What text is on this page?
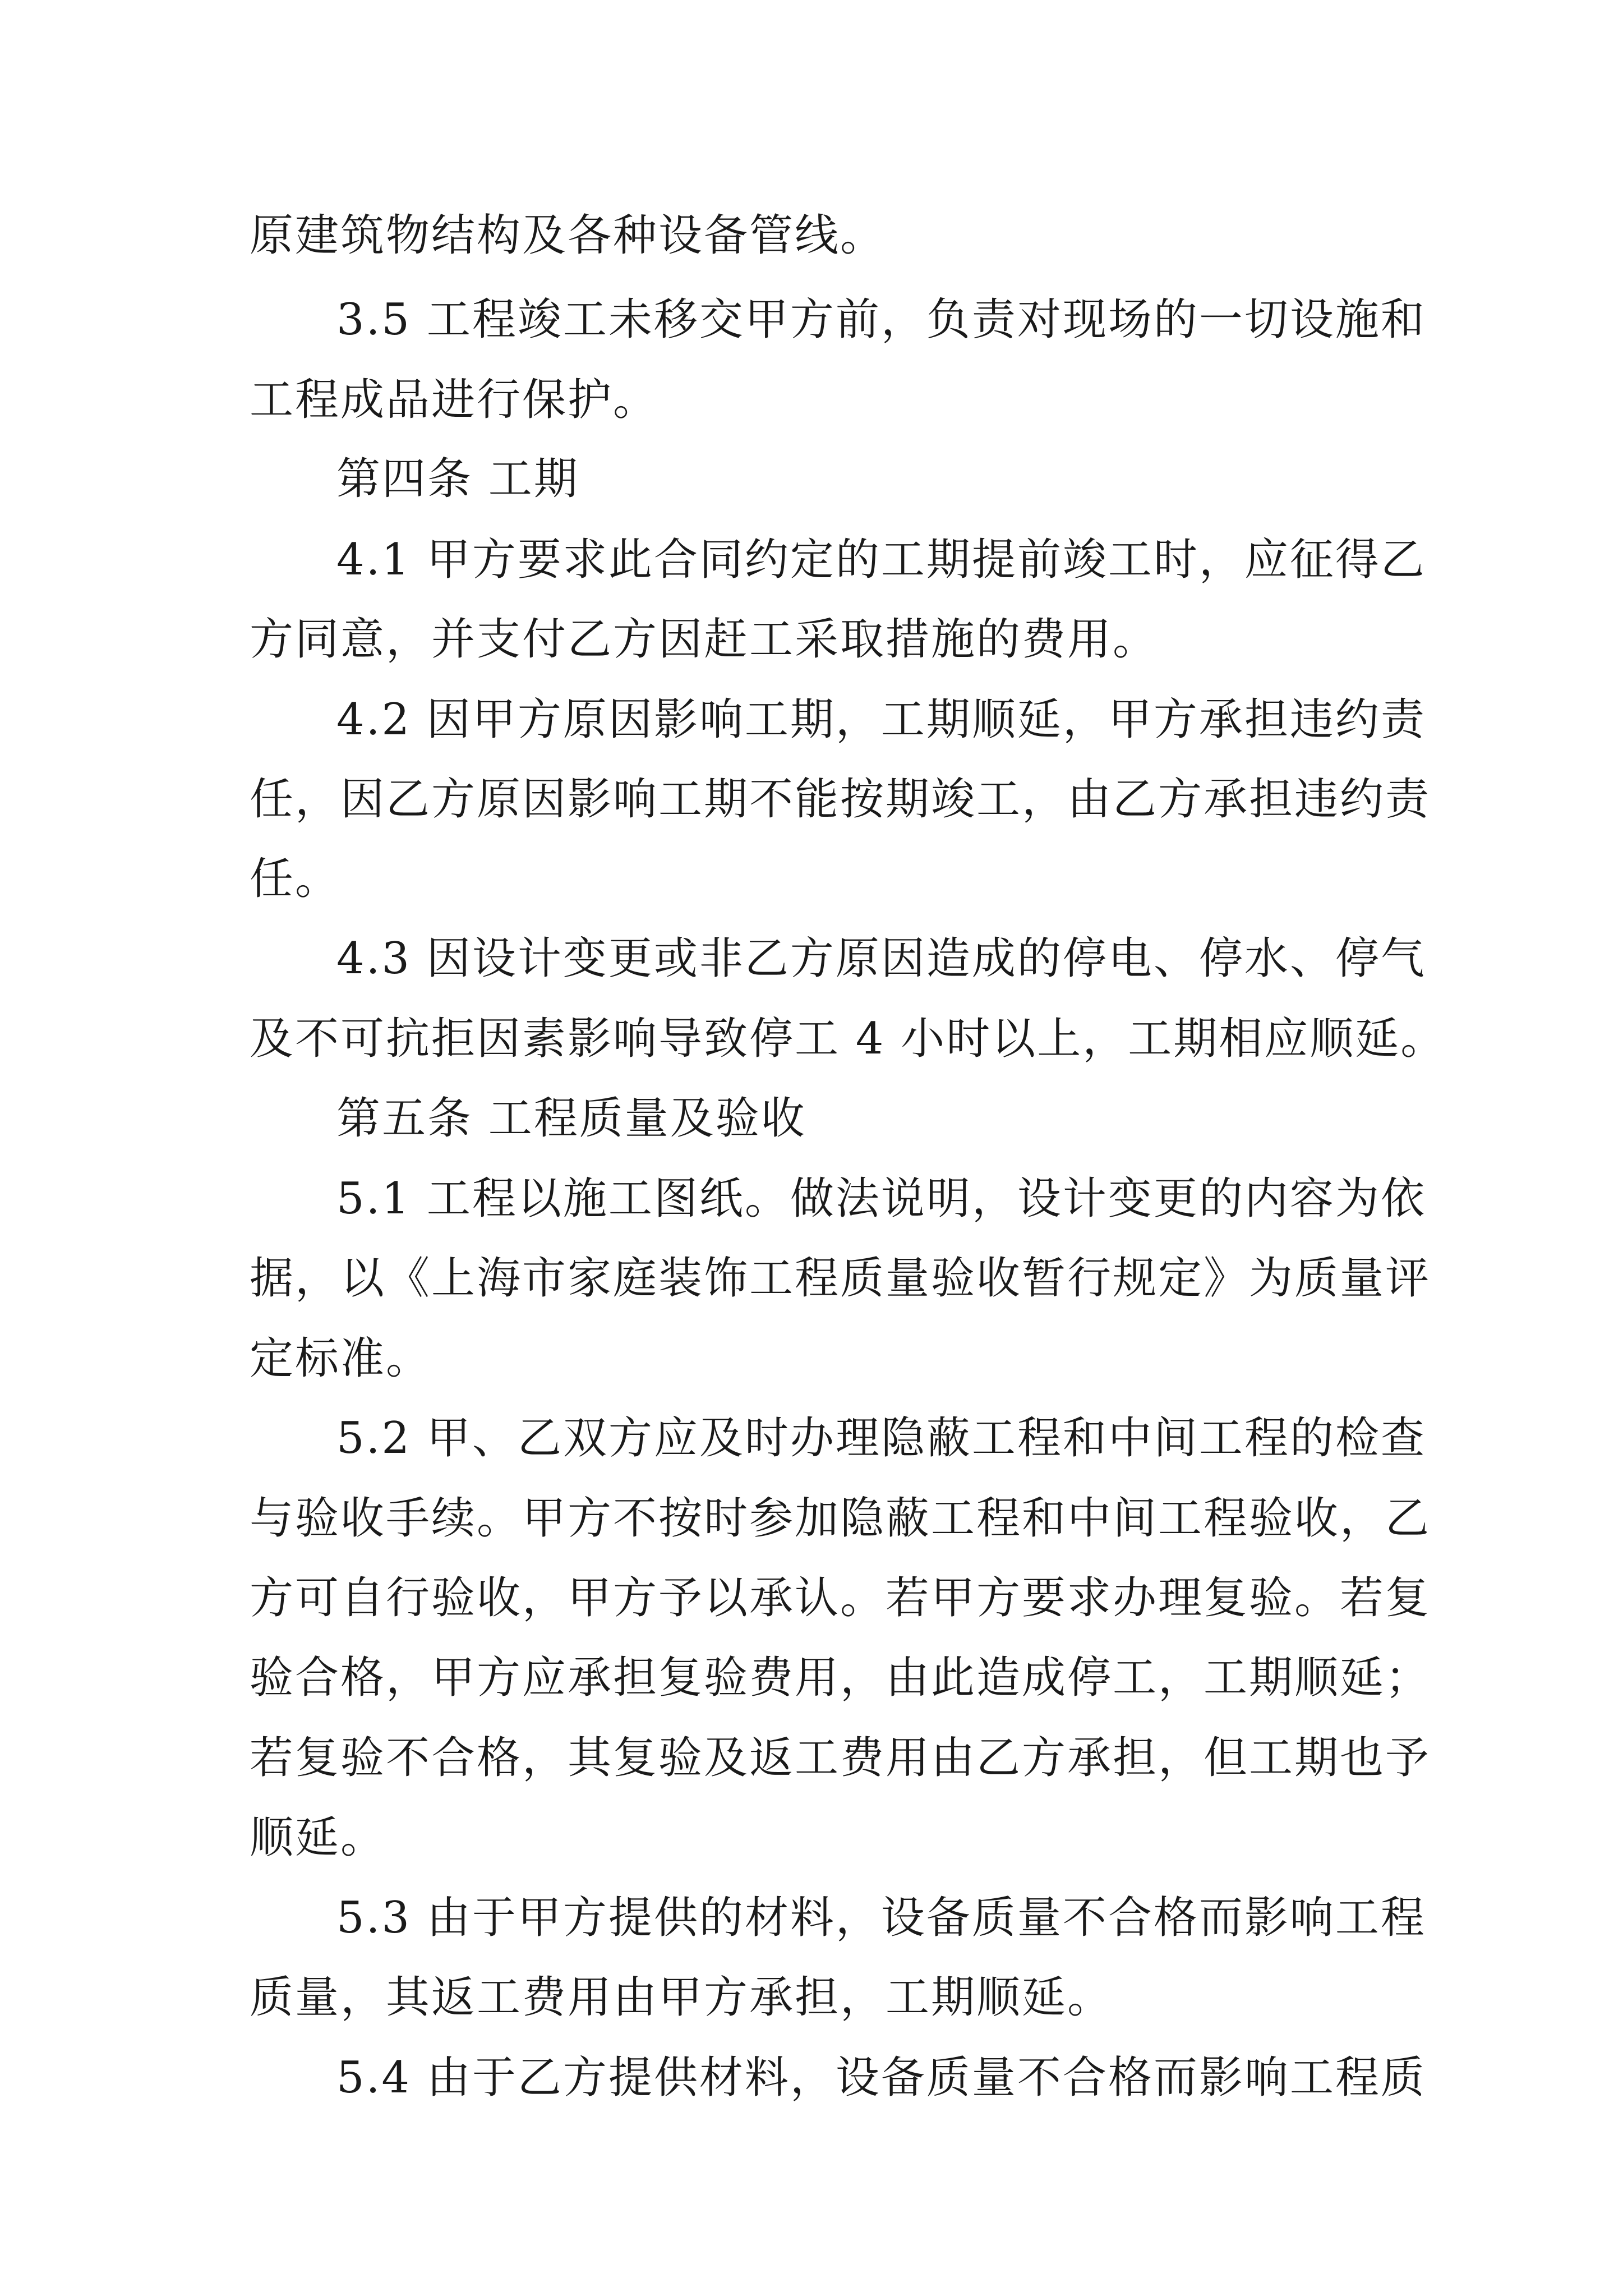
原建筑物结构及各种设备管线。

3.5 工程竣工未移交甲方前，负责对现场的一切设施和

工程成品进行保护。

第四条 工期

4.1 甲方要求此合同约定的工期提前竣工时，应征得乙

方同意，并支付乙方因赶工采取措施的费用。

4.2 因甲方原因影响工期，工期顺延，甲方承担违约责

任，因乙方原因影响工期不能按期竣工，由乙方承担违约责

任。

4.3 因设计变更或非乙方原因造成的停电、停水、停气

及不可抗拒因素影响导致停工 4 小时以上，工期相应顺延。

第五条 工程质量及验收

5.1 工程以施工图纸。做法说明，设计变更的内容为依

据，以《上海市家庭装饰工程质量验收暂行规定》为质量评

定标准。

5.2 甲、乙双方应及时办理隐蔽工程和中间工程的检查

与验收手续。甲方不按时参加隐蔽工程和中间工程验收，乙

方可自行验收，甲方予以承认。若甲方要求办理复验。若复

验合格，甲方应承担复验费用，由此造成停工，工期顺延；

若复验不合格，其复验及返工费用由乙方承担，但工期也予

顺延。

5.3 由于甲方提供的材料，设备质量不合格而影响工程

质量，其返工费用由甲方承担，工期顺延。

5.4 由于乙方提供材料，设备质量不合格而影响工程质
